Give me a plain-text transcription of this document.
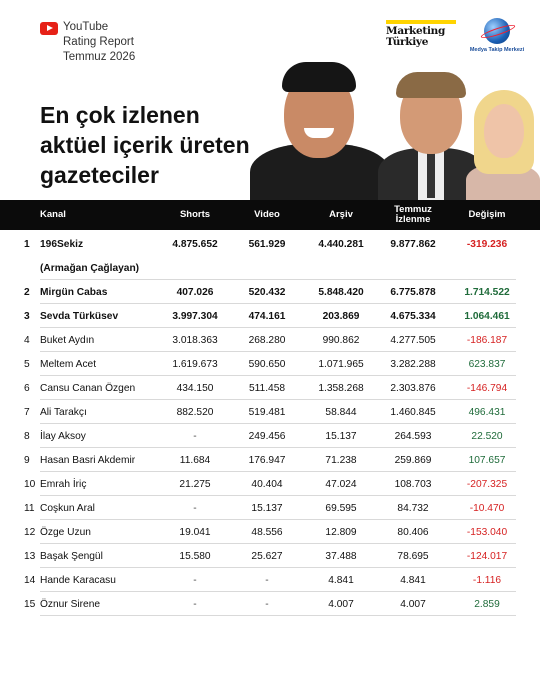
YouTube
Rating Report
Temmuz 2026
Marketing
Türkiye
Medya Takip Merkezi

En çok izlenen
aktüel içerik üreten
gazeteciler
Kanal	Shorts	Video	Arşiv	Temmuz
İzlenme	Değişim
1	196Sekiz	4.875.652	561.929	4.440.281	9.877.862	-319.236
(Armağan Çağlayan)
2	Mirgün Cabas	407.026	520.432	5.848.420	6.775.878	1.714.522
3	Sevda Türküsev	3.997.304	474.161	203.869	4.675.334	1.064.461
4	Buket Aydın	3.018.363	268.280	990.862	4.277.505	-186.187
5	Meltem Acet	1.619.673	590.650	1.071.965	3.282.288	623.837
6	Cansu Canan Özgen	434.150	511.458	1.358.268	2.303.876	-146.794
7	Ali Tarakçı	882.520	519.481	58.844	1.460.845	496.431
8	İlay Aksoy	-	249.456	15.137	264.593	22.520
9	Hasan Basri Akdemir	11.684	176.947	71.238	259.869	107.657
10 Emrah İriç	21.275	40.404	47.024	108.703	-207.325
11 Coşkun Aral	-	15.137	69.595	84.732	-10.470
12 Özge Uzun	19.041	48.556	12.809	80.406	-153.040
13 Başak Şengül	15.580	25.627	37.488	78.695	-124.017
14 Hande Karacasu	-	-	4.841	4.841	-1.116
15 Öznur Sirene	-	-	4.007	4.007	2.859
